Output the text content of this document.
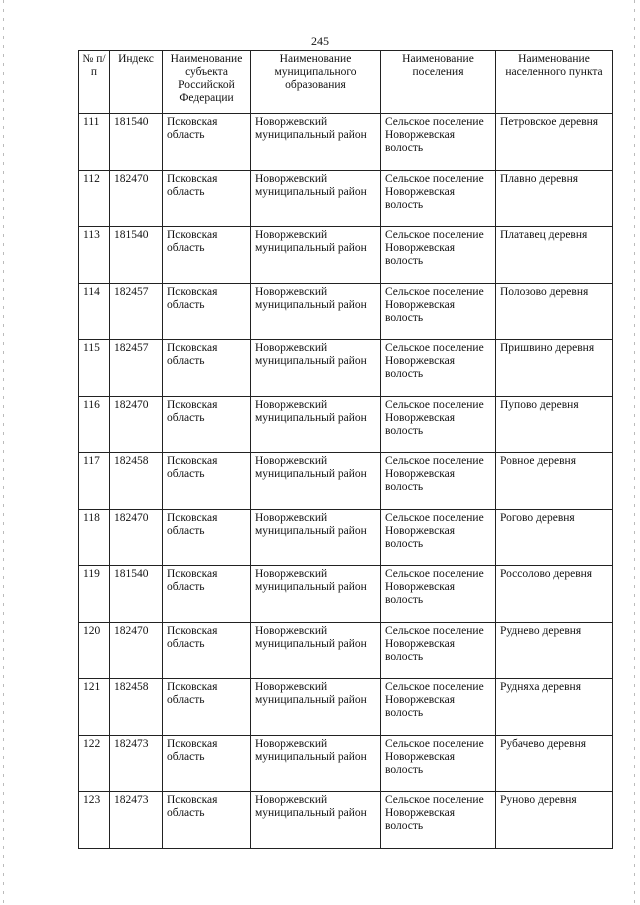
245
№ п/п	Индекс	Наименование субъекта Российской Федерации	Наименование муниципального образования	Наименование поселения	Наименование населенного пункта
111	181540	Псковская область	Новоржевский муниципальный район	Сельское поселение Новоржевская волость	Петровское деревня
112	182470	Псковская область	Новоржевский муниципальный район	Сельское поселение Новоржевская волость	Плавно деревня
113	181540	Псковская область	Новоржевский муниципальный район	Сельское поселение Новоржевская волость	Платавец деревня
114	182457	Псковская область	Новоржевский муниципальный район	Сельское поселение Новоржевская волость	Полозово деревня
115	182457	Псковская область	Новоржевский муниципальный район	Сельское поселение Новоржевская волость	Пришвино деревня
116	182470	Псковская область	Новоржевский муниципальный район	Сельское поселение Новоржевская волость	Пупово деревня
117	182458	Псковская область	Новоржевский муниципальный район	Сельское поселение Новоржевская волость	Ровное деревня
118	182470	Псковская область	Новоржевский муниципальный район	Сельское поселение Новоржевская волость	Рогово деревня
119	181540	Псковская область	Новоржевский муниципальный район	Сельское поселение Новоржевская волость	Россолово деревня
120	182470	Псковская область	Новоржевский муниципальный район	Сельское поселение Новоржевская волость	Руднево деревня
121	182458	Псковская область	Новоржевский муниципальный район	Сельское поселение Новоржевская волость	Рудняха деревня
122	182473	Псковская область	Новоржевский муниципальный район	Сельское поселение Новоржевская волость	Рубачево деревня
123	182473	Псковская область	Новоржевский муниципальный район	Сельское поселение Новоржевская волость	Руново деревня
